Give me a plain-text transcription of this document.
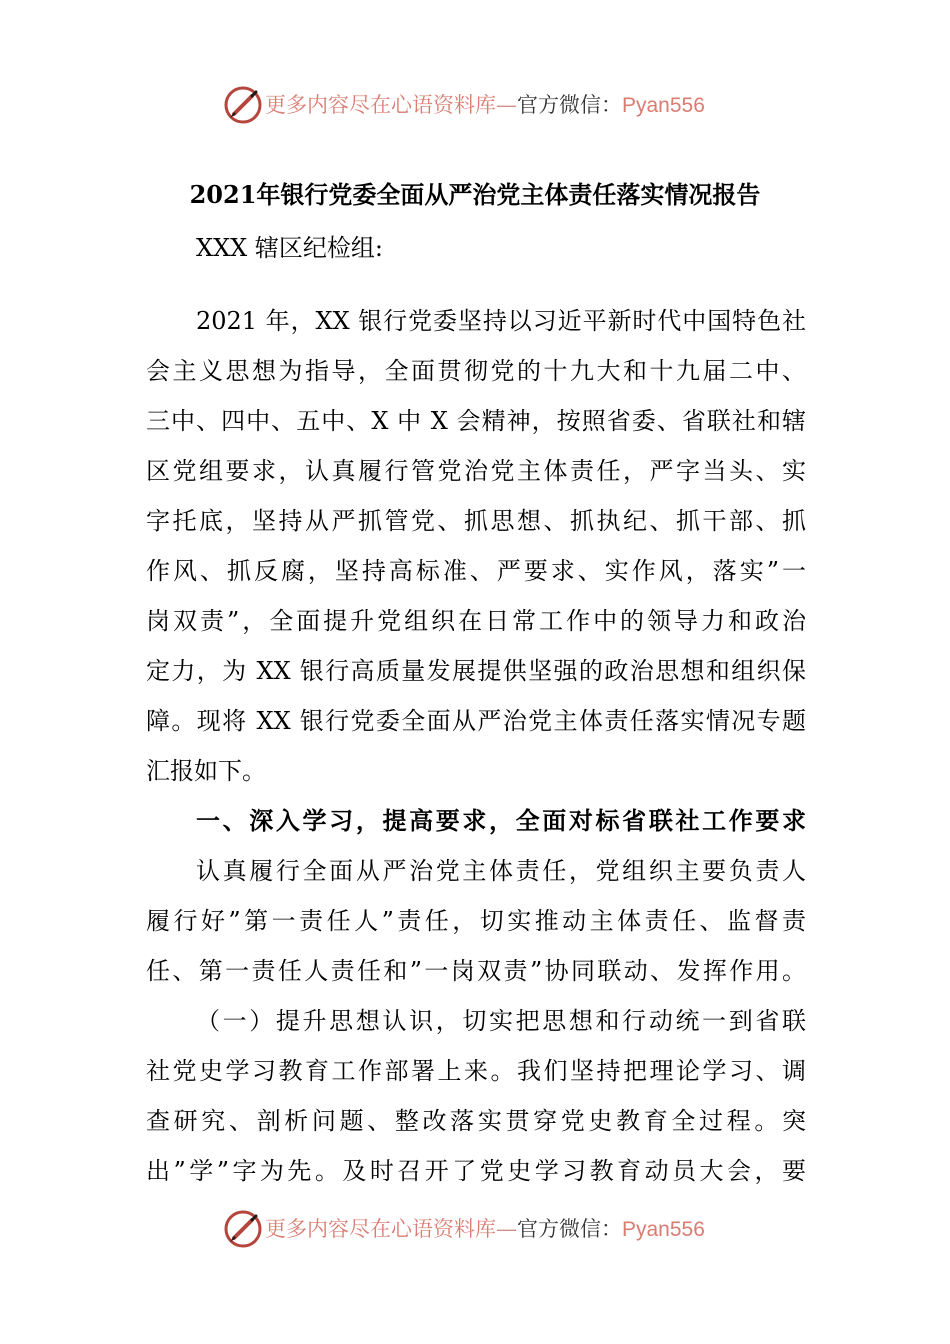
更多内容尽在心语资料库—官方微信：Pyan556
2021年银行党委全面从严治党主体责任落实情况报告
XXX 辖区纪检组:
2021 年，XX 银行党委坚持以习近平新时代中国特色社
会主义思想为指导，全面贯彻党的十九大和十九届二中、
三中、四中、五中、X 中 X 会精神，按照省委、省联社和辖
区党组要求，认真履行管党治党主体责任，严字当头、实
字托底，坚持从严抓管党、抓思想、抓执纪、抓干部、抓
作风、抓反腐，坚持高标准、严要求、实作风，落实”一
岗双责”，全面提升党组织在日常工作中的领导力和政治
定力，为 XX 银行高质量发展提供坚强的政治思想和组织保
障。现将 XX 银行党委全面从严治党主体责任落实情况专题
汇报如下。
一、深入学习，提高要求，全面对标省联社工作要求
认真履行全面从严治党主体责任，党组织主要负责人
履行好”第一责任人”责任，切实推动主体责任、监督责
任、第一责任人责任和”一岗双责”协同联动、发挥作用。
（一）提升思想认识，切实把思想和行动统一到省联
社党史学习教育工作部署上来。我们坚持把理论学习、调
查研究、剖析问题、整改落实贯穿党史教育全过程。突
出”学”字为先。及时召开了党史学习教育动员大会，要
更多内容尽在心语资料库—官方微信：Pyan556
